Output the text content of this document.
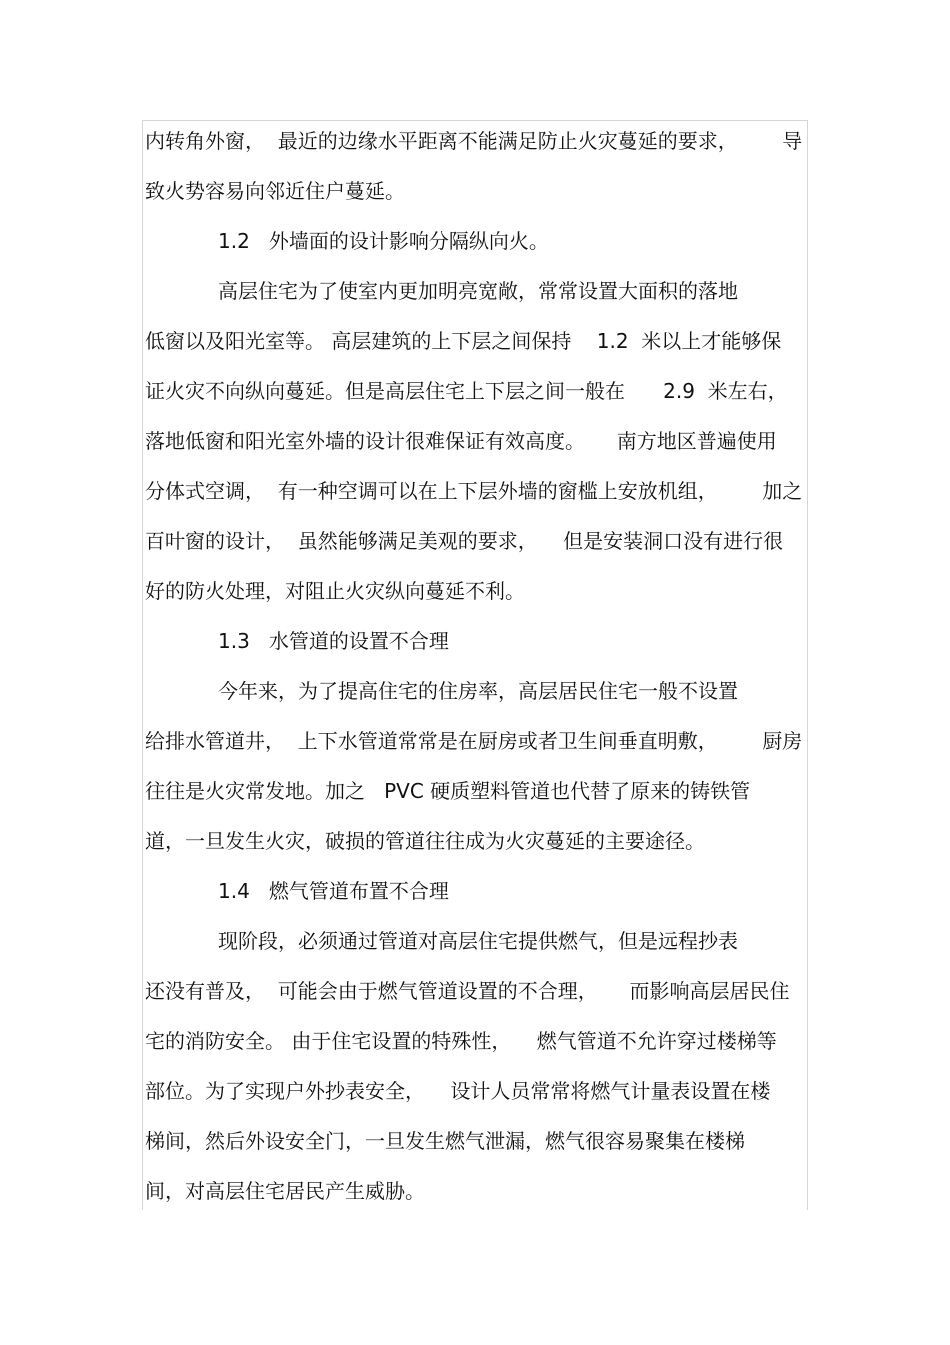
内转角外窗，  最近的边缘水平距离不能满足防止火灾蔓延的要求，       导
致火势容易向邻近住户蔓延。
1.2   外墙面的设计影响分隔纵向火。
高层住宅为了使室内更加明亮宽敞，常常设置大面积的落地
低窗以及阳光室等。 高层建筑的上下层之间保持    1.2  米以上才能够保
证火灾不向纵向蔓延。但是高层住宅上下层之间一般在      2.9  米左右，
落地低窗和阳光室外墙的设计很难保证有效高度。     南方地区普遍使用
分体式空调，  有一种空调可以在上下层外墙的窗槛上安放机组，       加之
百叶窗的设计，  虽然能够满足美观的要求，    但是安装洞口没有进行很
好的防火处理，对阻止火灾纵向蔓延不利。
1.3   水管道的设置不合理
今年来，为了提高住宅的住房率，高层居民住宅一般不设置
给排水管道井，  上下水管道常常是在厨房或者卫生间垂直明敷，       厨房
往往是火灾常发地。加之   PVC 硬质塑料管道也代替了原来的铸铁管
道，一旦发生火灾，破损的管道往往成为火灾蔓延的主要途径。
1.4   燃气管道布置不合理
现阶段，必须通过管道对高层住宅提供燃气，但是远程抄表
还没有普及，  可能会由于燃气管道设置的不合理，     而影响高层居民住
宅的消防安全。 由于住宅设置的特殊性，    燃气管道不允许穿过楼梯等
部位。为了实现户外抄表安全，    设计人员常常将燃气计量表设置在楼
梯间，然后外设安全门，一旦发生燃气泄漏，燃气很容易聚集在楼梯
间，对高层住宅居民产生威胁。
